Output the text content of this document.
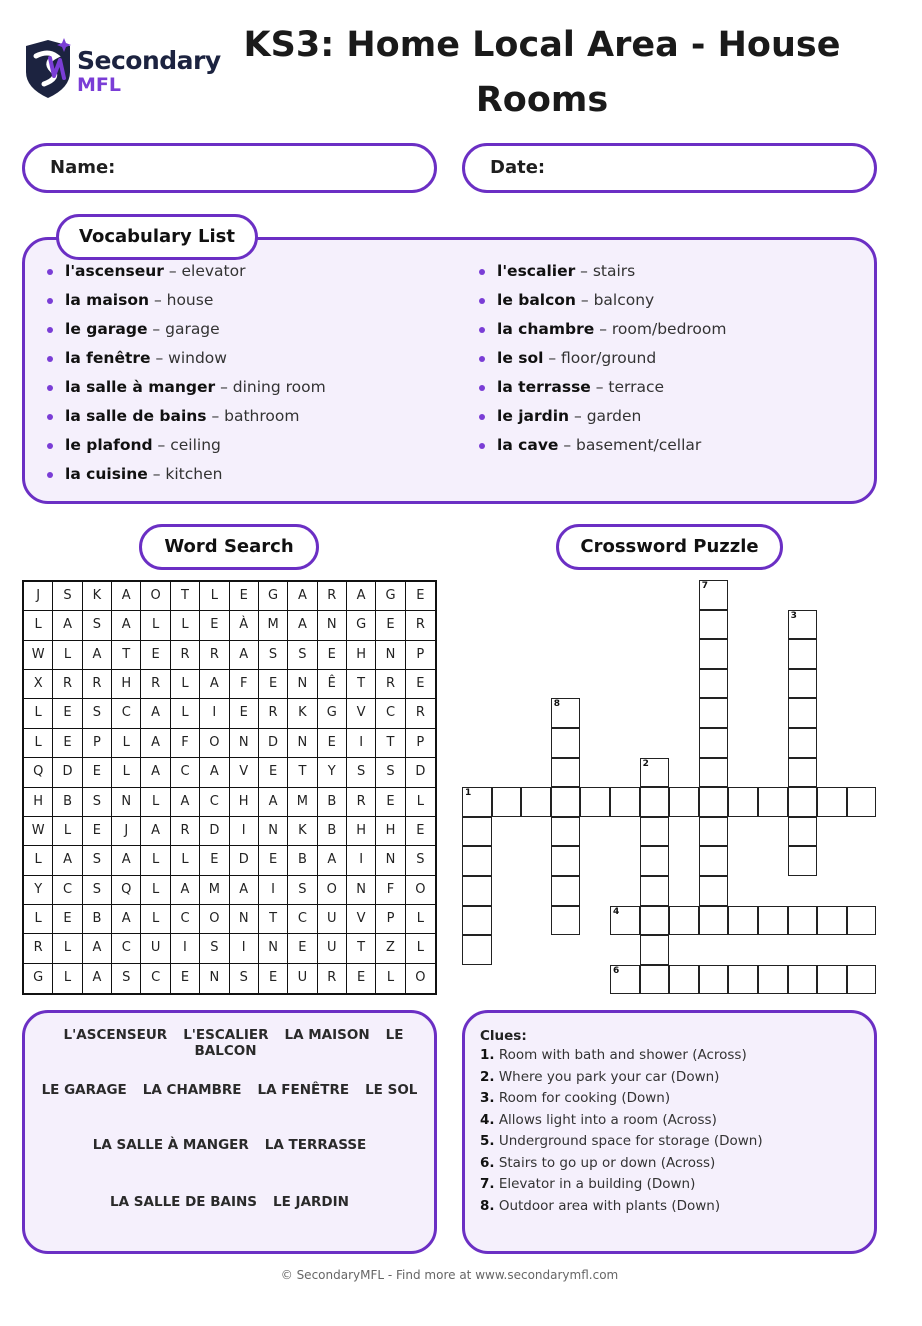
Secondary
MFL
KS3: Home Local Area - House Rooms
Name:	Date:
l'ascenseur – elevator
la maison – house
le garage – garage
la fenêtre – window
la salle à manger – dining room
la salle de bains – bathroom
le plafond – ceiling
la cuisine – kitchen
l'escalier – stairs
le balcon – balcony
la chambre – room/bedroom
le sol – floor/ground
la terrasse – terrace
le jardin – garden
la cave – basement/cellar
Vocabulary List
Word Search
J	S	K	A	O	T	L	E	G	A	R	A	G	E
L	A	S	A	L	L	E	À	M	A	N	G	E	R
W	L	A	T	E	R	R	A	S	S	E	H	N	P
X	R	R	H	R	L	A	F	E	N	Ê	T	R	E
L	E	S	C	A	L	I	E	R	K	G	V	C	R
L	E	P	L	A	F	O	N	D	N	E	I	T	P
Q	D	E	L	A	C	A	V	E	T	Y	S	S	D
H	B	S	N	L	A	C	H	A	M	B	R	E	L
W	L	E	J	A	R	D	I	N	K	B	H	H	E
L	A	S	A	L	L	E	D	E	B	A	I	N	S
Y	C	S	Q	L	A	M	A	I	S	O	N	F	O
L	E	B	A	L	C	O	N	T	C	U	V	P	L
R	L	A	C	U	I	S	I	N	E	U	T	Z	L
G	L	A	S	C	E	N	S	E	U	R	E	L	O
L'ASCENSEUR L'ESCALIER LA MAISON LE BALCON
LE GARAGE LA CHAMBRE LA FENÊTRE LE SOL
LA SALLE À MANGER LA TERRASSE
LA SALLE DE BAINS LE JARDIN
Crossword Puzzle
1
4
6
7
3
8
2
Clues:
1. Room with bath and shower (Across)
2. Where you park your car (Down)
3. Room for cooking (Down)
4. Allows light into a room (Across)
5. Underground space for storage (Down)
6. Stairs to go up or down (Across)
7. Elevator in a building (Down)
8. Outdoor area with plants (Down)
© SecondaryMFL - Find more at www.secondarymfl.com
